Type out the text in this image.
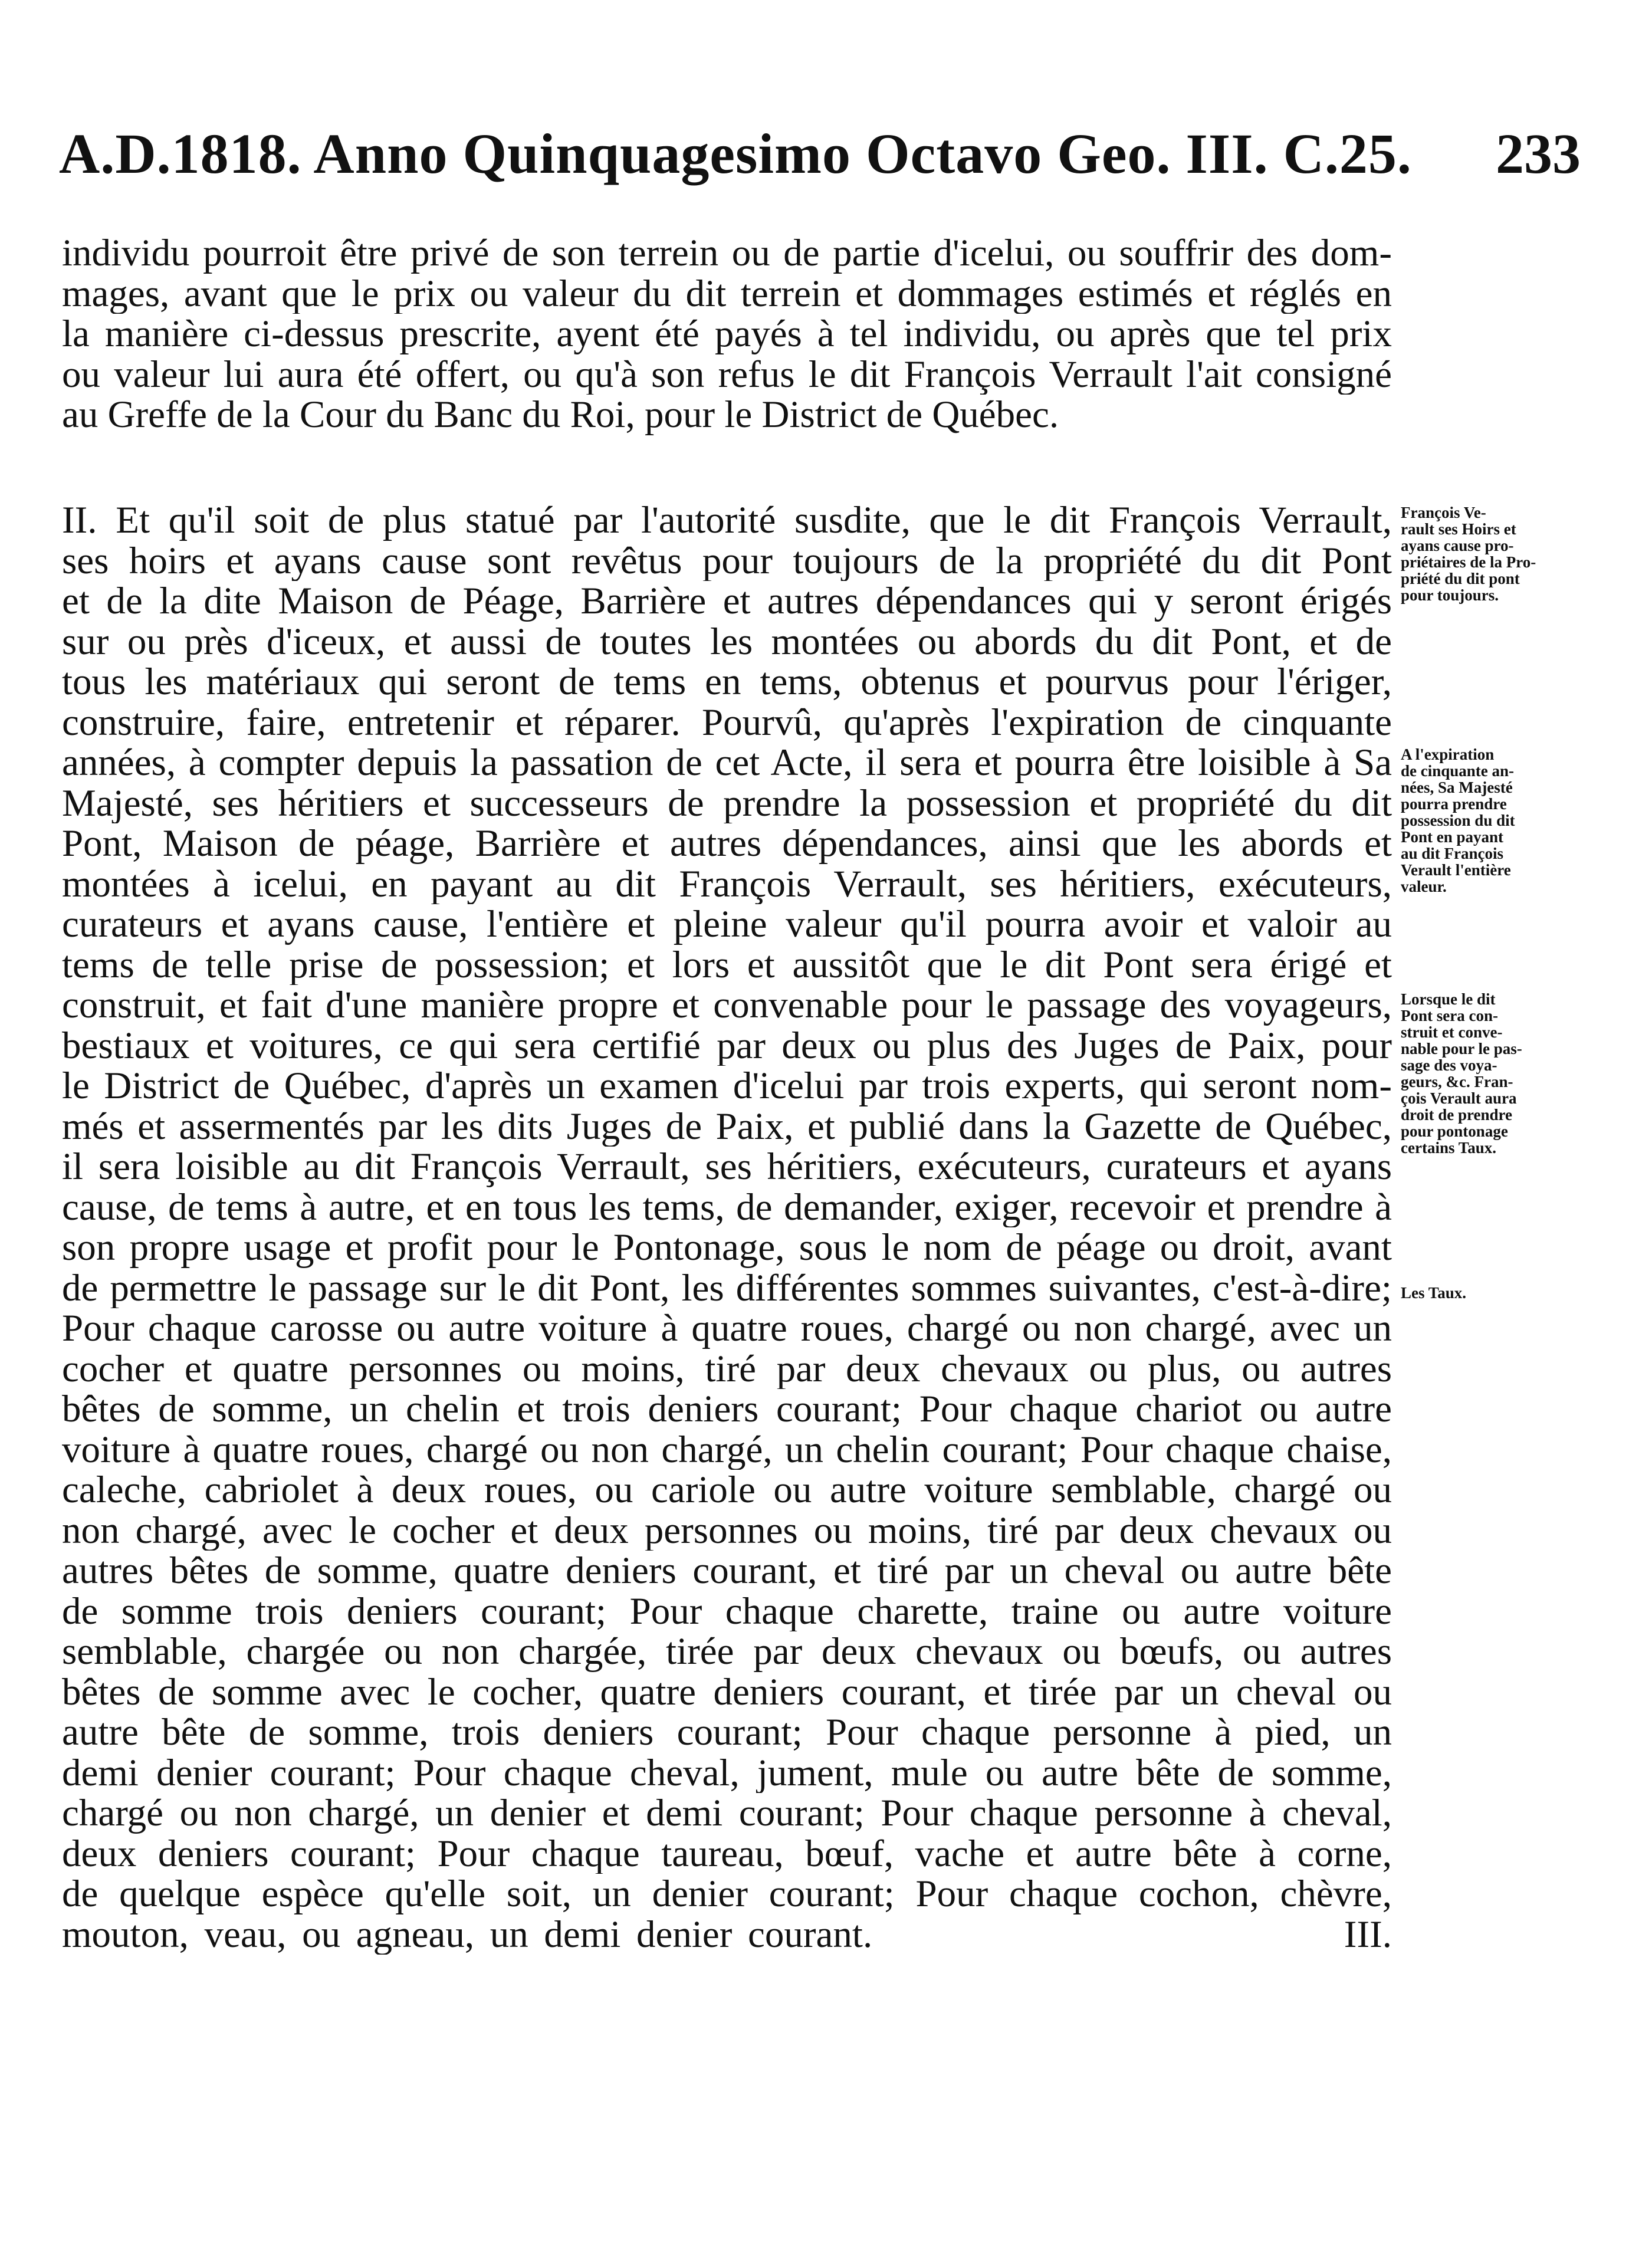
A.D.1818. Anno Quinquagesimo Octavo Geo. III. C.25. 233
individu pourroit être privé de son terrein ou de partie d'icelui, ou souffrir des dom-
mages, avant que le prix ou valeur du dit terrein et dommages estimés et réglés en
la manière ci-dessus prescrite, ayent été payés à tel individu, ou après que tel prix
ou valeur lui aura été offert, ou qu'à son refus le dit François Verrault l'ait consigné
au Greffe de la Cour du Banc du Roi, pour le District de Québec.
II. Et qu'il soit de plus statué par l'autorité susdite, que le dit François Verrault,
ses hoirs et ayans cause sont revêtus pour toujours de la propriété du dit Pont
et de la dite Maison de Péage, Barrière et autres dépendances qui y seront érigés
sur ou près d'iceux, et aussi de toutes les montées ou abords du dit Pont, et de
tous les matériaux qui seront de tems en tems, obtenus et pourvus pour l'ériger,
construire, faire, entretenir et réparer. Pourvû, qu'après l'expiration de cinquante
années, à compter depuis la passation de cet Acte, il sera et pourra être loisible à Sa
Majesté, ses héritiers et successeurs de prendre la possession et propriété du dit
Pont, Maison de péage, Barrière et autres dépendances, ainsi que les abords et
montées à icelui, en payant au dit François Verrault, ses héritiers, exécuteurs,
curateurs et ayans cause, l'entière et pleine valeur qu'il pourra avoir et valoir au
tems de telle prise de possession; et lors et aussitôt que le dit Pont sera érigé et
construit, et fait d'une manière propre et convenable pour le passage des voyageurs,
bestiaux et voitures, ce qui sera certifié par deux ou plus des Juges de Paix, pour
le District de Québec, d'après un examen d'icelui par trois experts, qui seront nom-
més et assermentés par les dits Juges de Paix, et publié dans la Gazette de Québec,
il sera loisible au dit François Verrault, ses héritiers, exécuteurs, curateurs et ayans
cause, de tems à autre, et en tous les tems, de demander, exiger, recevoir et prendre à
son propre usage et profit pour le Pontonage, sous le nom de péage ou droit, avant
de permettre le passage sur le dit Pont, les différentes sommes suivantes, c'est-à-dire;
Pour chaque carosse ou autre voiture à quatre roues, chargé ou non chargé, avec un
cocher et quatre personnes ou moins, tiré par deux chevaux ou plus, ou autres
bêtes de somme, un chelin et trois deniers courant; Pour chaque chariot ou autre
voiture à quatre roues, chargé ou non chargé, un chelin courant; Pour chaque chaise,
caleche, cabriolet à deux roues, ou cariole ou autre voiture semblable, chargé ou
non chargé, avec le cocher et deux personnes ou moins, tiré par deux chevaux ou
autres bêtes de somme, quatre deniers courant, et tiré par un cheval ou autre bête
de somme trois deniers courant; Pour chaque charette, traine ou autre voiture
semblable, chargée ou non chargée, tirée par deux chevaux ou bœufs, ou autres
bêtes de somme avec le cocher, quatre deniers courant, et tirée par un cheval ou
autre bête de somme, trois deniers courant; Pour chaque personne à pied, un
demi denier courant; Pour chaque cheval, jument, mule ou autre bête de somme,
chargé ou non chargé, un denier et demi courant; Pour chaque personne à cheval,
deux deniers courant; Pour chaque taureau, bœuf, vache et autre bête à corne,
de quelque espèce qu'elle soit, un denier courant; Pour chaque cochon, chèvre,
mouton, veau, ou agneau, un demi denier courant.                              III.
François Ve-
rault ses Hoirs et
ayans cause pro-
priétaires de la Pro-
priété du dit pont
pour toujours.
A l'expiration
de cinquante an-
nées, Sa Majesté
pourra prendre
possession du dit
Pont en payant
au dit François
Verault l'entière
valeur.
Lorsque le dit
Pont sera con-
struit et conve-
nable pour le pas-
sage des voya-
geurs, &c. Fran-
çois Verault aura
droit de prendre
pour pontonage
certains Taux.
Les Taux.
